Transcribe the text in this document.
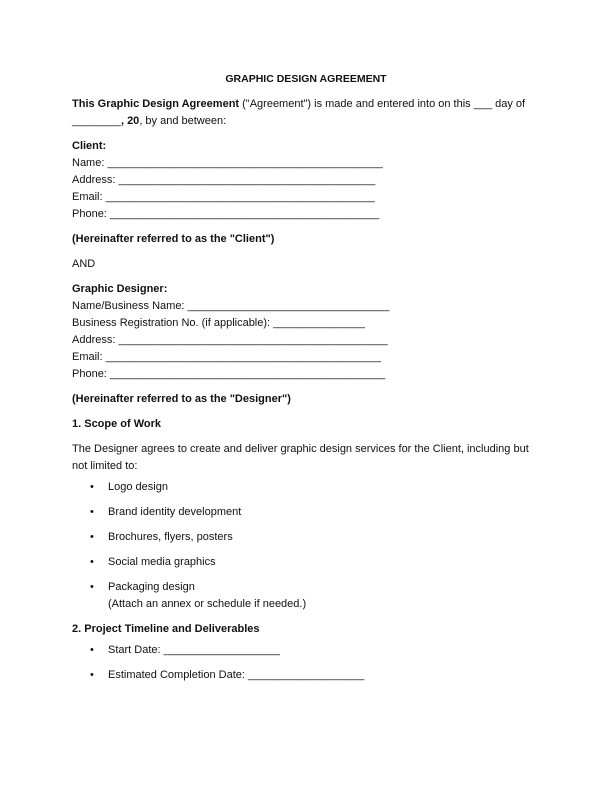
GRAPHIC DESIGN AGREEMENT

This Graphic Design Agreement ("Agreement") is made and entered into on this ___ day of
________, 20, by and between:

Client:

Name: _____________________________________________

Address: __________________________________________

Email: ____________________________________________

Phone: ____________________________________________

(Hereinafter referred to as the "Client")

AND

Graphic Designer:

Name/Business Name: _________________________________

Business Registration No. (if applicable): _______________

Address: ____________________________________________

Email: _____________________________________________

Phone: _____________________________________________

(Hereinafter referred to as the "Designer")

1. Scope of Work

The Designer agrees to create and deliver graphic design services for the Client, including but not limited to:

• Logo design
• Brand identity development
• Brochures, flyers, posters
• Social media graphics
• Packaging design
(Attach an annex or schedule if needed.)

2. Project Timeline and Deliverables

• Start Date: ___________________
• Estimated Completion Date: ___________________
